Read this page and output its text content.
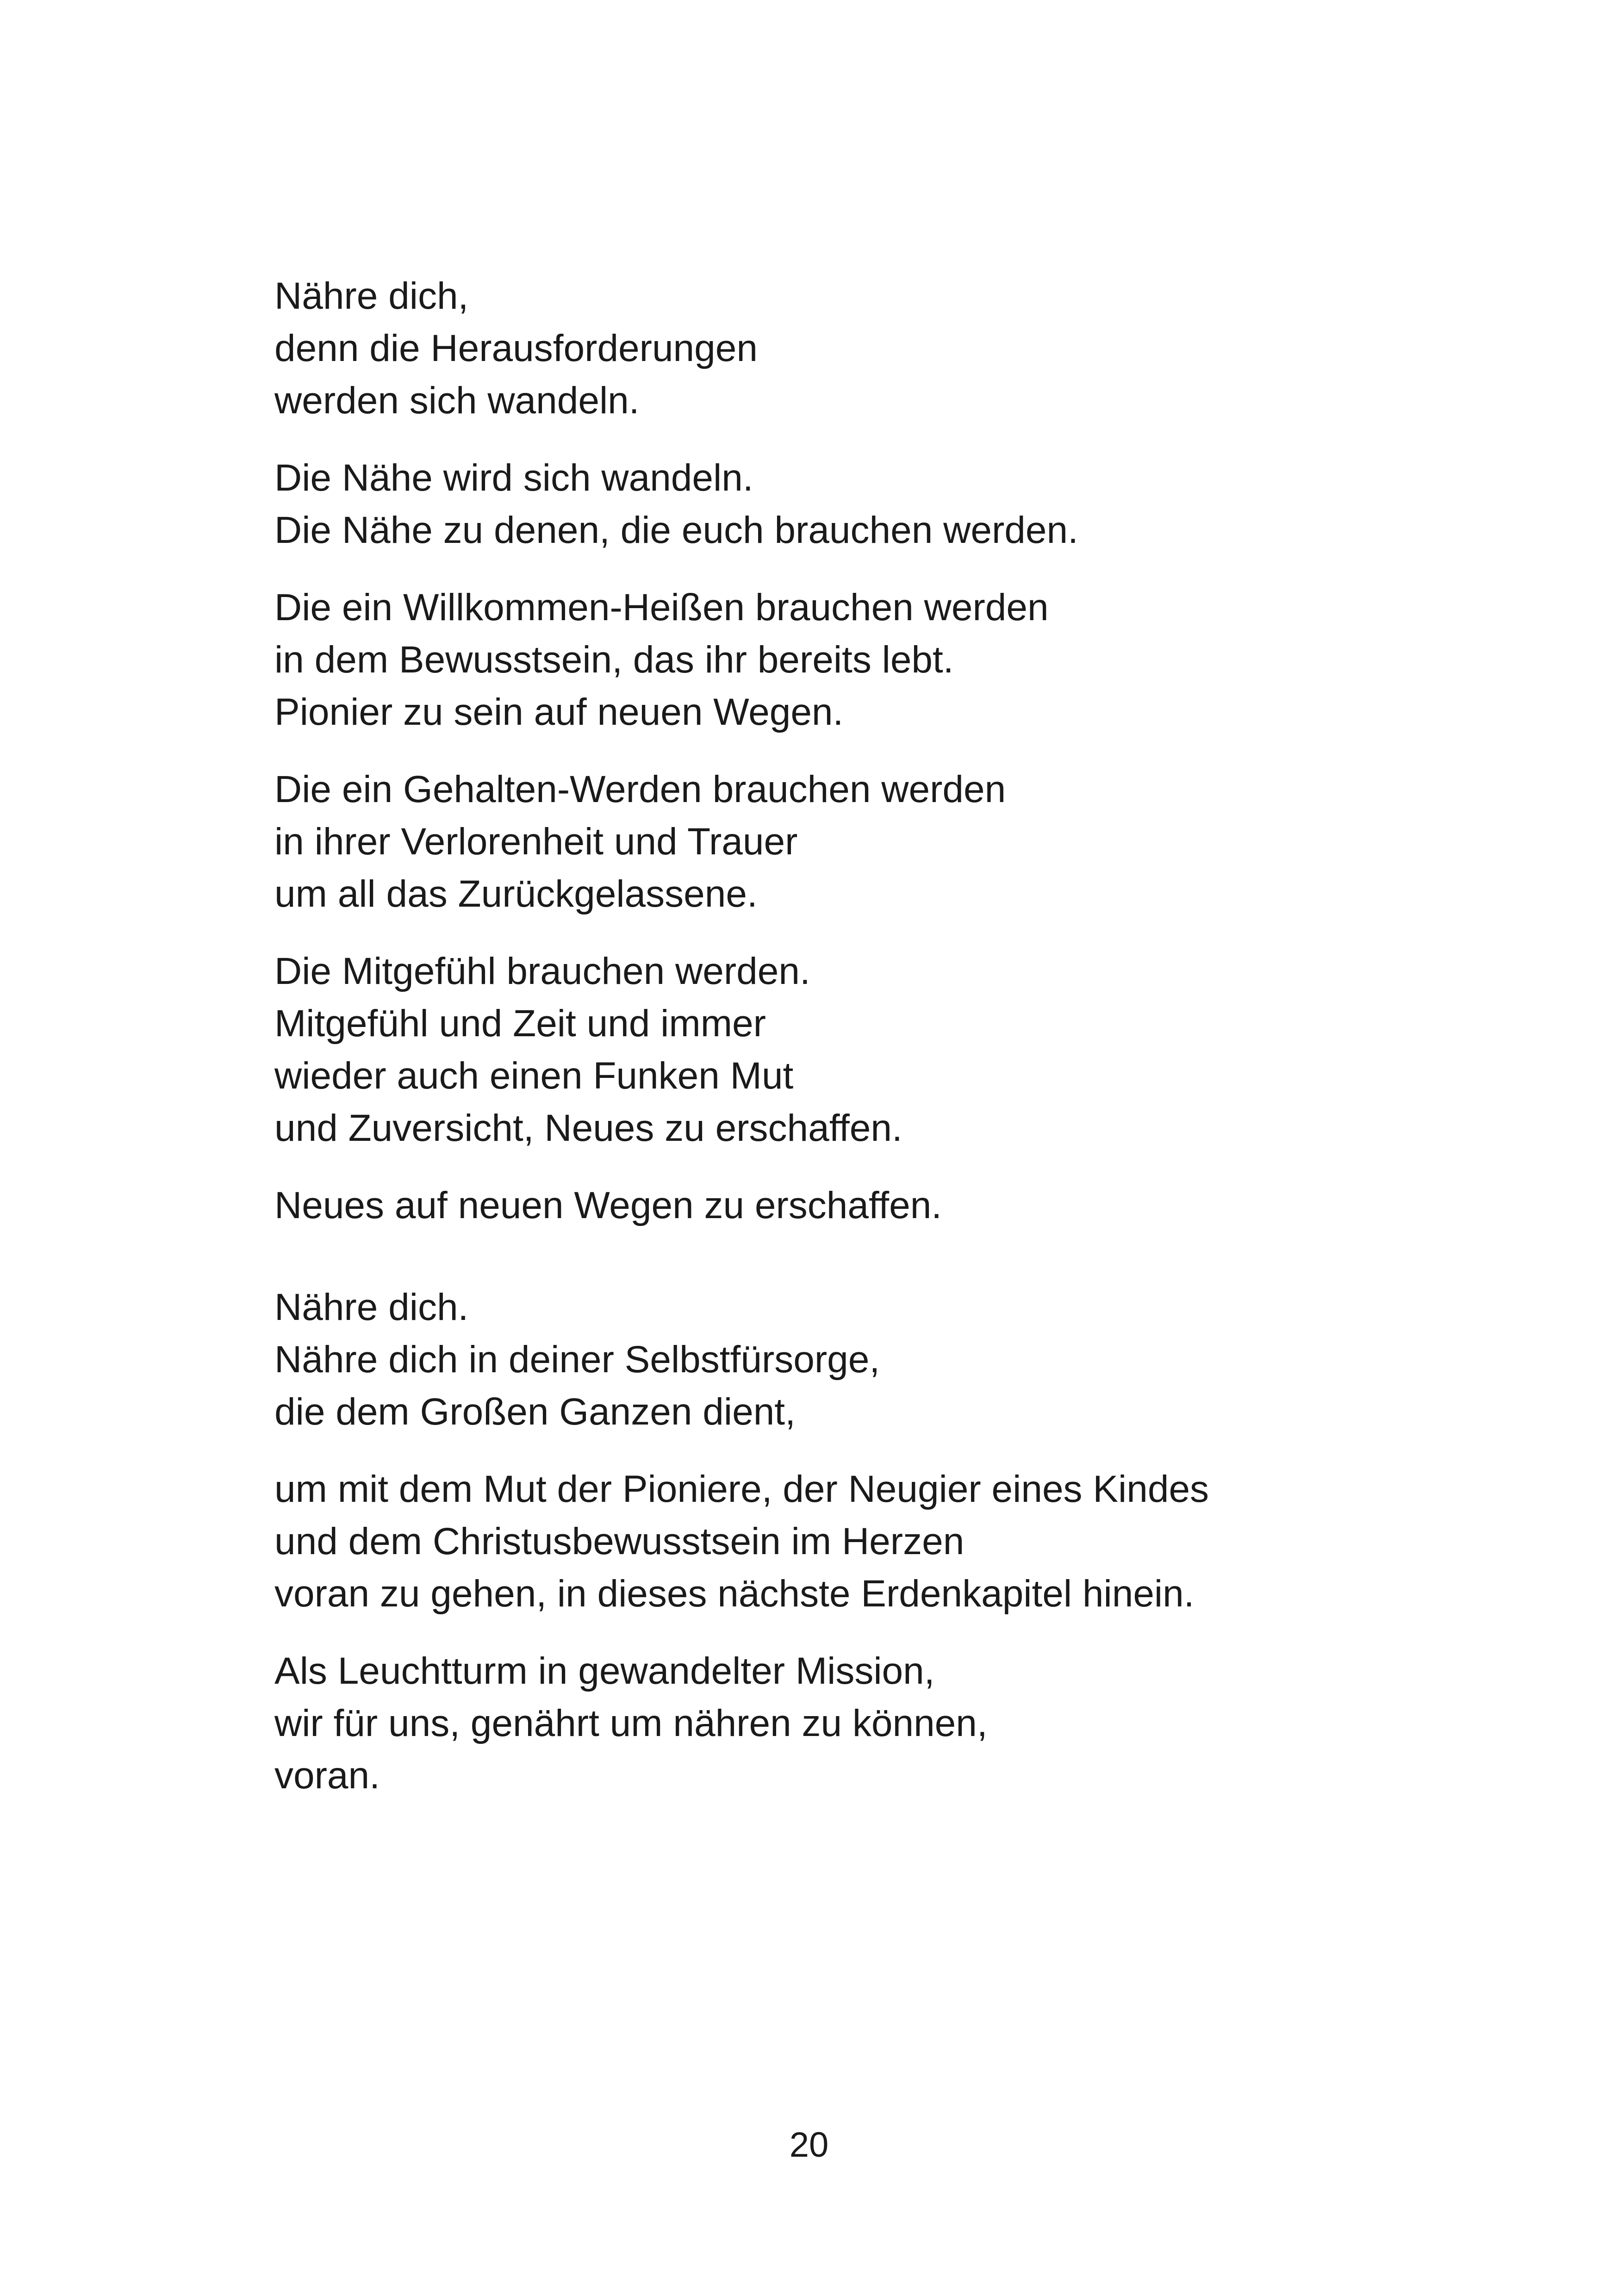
Nähre dich,
denn die Herausforderungen
werden sich wandeln.
Die Nähe wird sich wandeln.
Die Nähe zu denen, die euch brauchen werden.
Die ein Willkommen-Heißen brauchen werden
in dem Bewusstsein, das ihr bereits lebt.
Pionier zu sein auf neuen Wegen.
Die ein Gehalten-Werden brauchen werden
in ihrer Verlorenheit und Trauer
um all das Zurückgelassene.
Die Mitgefühl brauchen werden.
Mitgefühl und Zeit und immer
wieder auch einen Funken Mut
und Zuversicht, Neues zu erschaffen.
Neues auf neuen Wegen zu erschaffen.
Nähre dich.
Nähre dich in deiner Selbstfürsorge,
die dem Großen Ganzen dient,
um mit dem Mut der Pioniere, der Neugier eines Kindes
und dem Christusbewusstsein im Herzen
voran zu gehen, in dieses nächste Erdenkapitel hinein.
Als Leuchtturm in gewandelter Mission,
wir für uns, genährt um nähren zu können,
voran.
20
